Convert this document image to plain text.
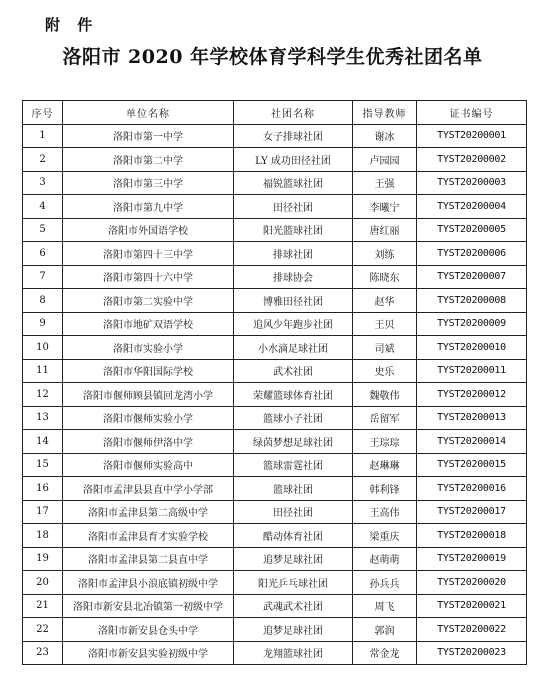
附 件
洛阳市 2020 年学校体育学科学生优秀社团名单
序号	单位名称	社团名称	指导教师	证书编号
1	洛阳市第一中学	女子排球社团	谢冰	TYST20200001
2	洛阳市第二中学	LY 成功田径社团	卢园园	TYST20200002
3	洛阳市第三中学	福锐篮球社团	王强	TYST20200003
4	洛阳市第九中学	田径社团	李曦宁	TYST20200004
5	洛阳市外国语学校	阳光篮球社团	唐红丽	TYST20200005
6	洛阳市第四十三中学	排球社团	刘练	TYST20200006
7	洛阳市第四十六中学	排球协会	陈晓东	TYST20200007
8	洛阳市第二实验中学	博雅田径社团	赵华	TYST20200008
9	洛阳市地矿双语学校	追风少年跑步社团	王贝	TYST20200009
10	洛阳市实验小学	小水滴足球社团	司斌	TYST20200010
11	洛阳市华阳国际学校	武术社团	史乐	TYST20200011
12	洛阳市偃师顾县镇回龙湾小学	荣耀篮球体育社团	魏敬伟	TYST20200012
13	洛阳市偃师实验小学	篮球小子社团	岳留军	TYST20200013
14	洛阳市偃师伊洛中学	绿茵梦想足球社团	王琮琮	TYST20200014
15	洛阳市偃师实验高中	篮球雷霆社团	赵琳琳	TYST20200015
16	洛阳市孟津县县直中学小学部	篮球社团	韩利锋	TYST20200016
17	洛阳市孟津县第二高级中学	田径社团	王高伟	TYST20200017
18	洛阳市孟津县育才实验学校	酷动体育社团	梁重庆	TYST20200018
19	洛阳市孟津县第二县直中学	追梦足球社团	赵萌萌	TYST20200019
20	洛阳市孟津县小浪底镇初级中学	阳光乒乓球社团	孙兵兵	TYST20200020
21	洛阳市新安县北冶镇第一初级中学	武魂武术社团	周飞	TYST20200021
22	洛阳市新安县仓头中学	追梦足球社团	郭润	TYST20200022
23	洛阳市新安县实验初级中学	龙翔篮球社团	常金龙	TYST20200023
